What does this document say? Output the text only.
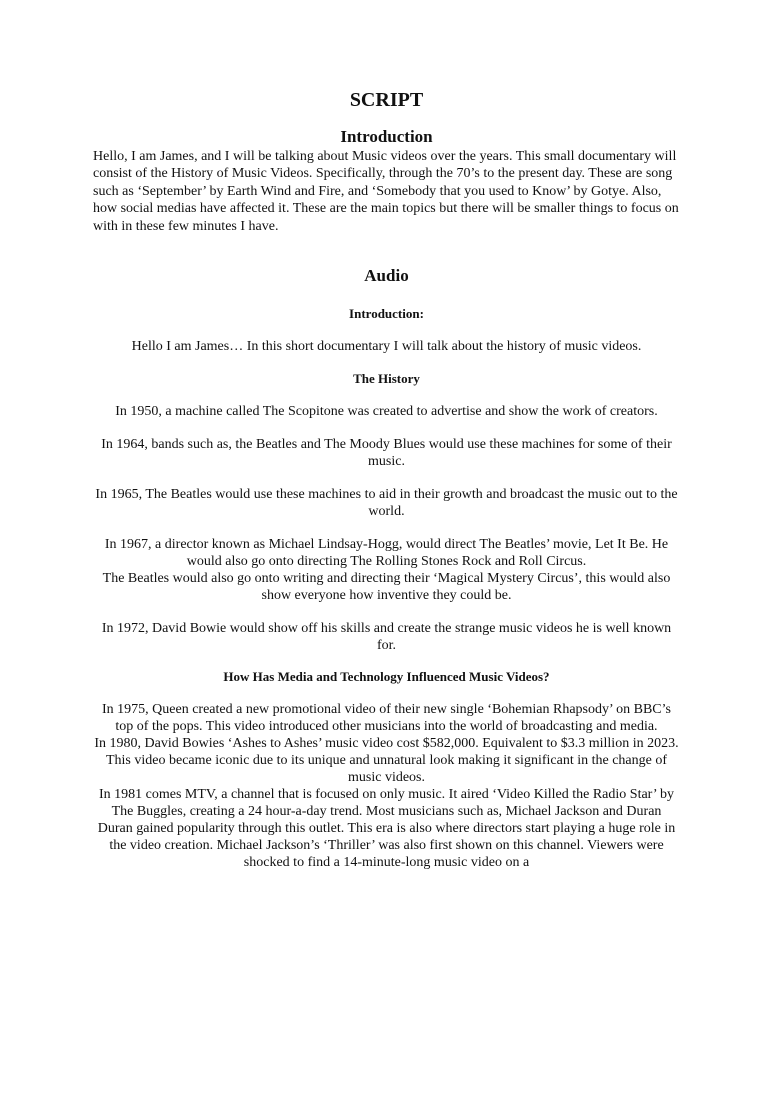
SCRIPT
Introduction

Hello, I am James, and I will be talking about Music videos over the years. This small documentary will consist of the History of Music Videos. Specifically, through the 70’s to the present day. These are song such as ‘September’ by Earth Wind and Fire, and ‘Somebody that you used to Know’ by Gotye. Also, how social medias have affected it. These are the main topics but there will be smaller things to focus on with in these few minutes I have.

Audio

Introduction:

Hello I am James… In this short documentary I will talk about the history of music videos.

The History

In 1950, a machine called The Scopitone was created to advertise and show the work of creators.

In 1964, bands such as, the Beatles and The Moody Blues would use these machines for some of their music.

In 1965, The Beatles would use these machines to aid in their growth and broadcast the music out to the world.

In 1967, a director known as Michael Lindsay-Hogg, would direct The Beatles’ movie, Let It Be. He would also go onto directing The Rolling Stones Rock and Roll Circus.

The Beatles would also go onto writing and directing their ‘Magical Mystery Circus’, this would also show everyone how inventive they could be.

In 1972, David Bowie would show off his skills and create the strange music videos he is well known for.

How Has Media and Technology Influenced Music Videos?

In 1975, Queen created a new promotional video of their new single ‘Bohemian Rhapsody’ on BBC’s top of the pops. This video introduced other musicians into the world of broadcasting and media.

In 1980, David Bowies ‘Ashes to Ashes’ music video cost $582,000. Equivalent to $3.3 million in 2023. This video became iconic due to its unique and unnatural look making it significant in the change of music videos.

In 1981 comes MTV, a channel that is focused on only music. It aired ‘Video Killed the Radio Star’ by The Buggles, creating a 24 hour-a-day trend. Most musicians such as, Michael Jackson and Duran Duran gained popularity through this outlet. This era is also where directors start playing a huge role in the video creation. Michael Jackson’s ‘Thriller’ was also first shown on this channel. Viewers were shocked to find a 14-minute-long music video on a
